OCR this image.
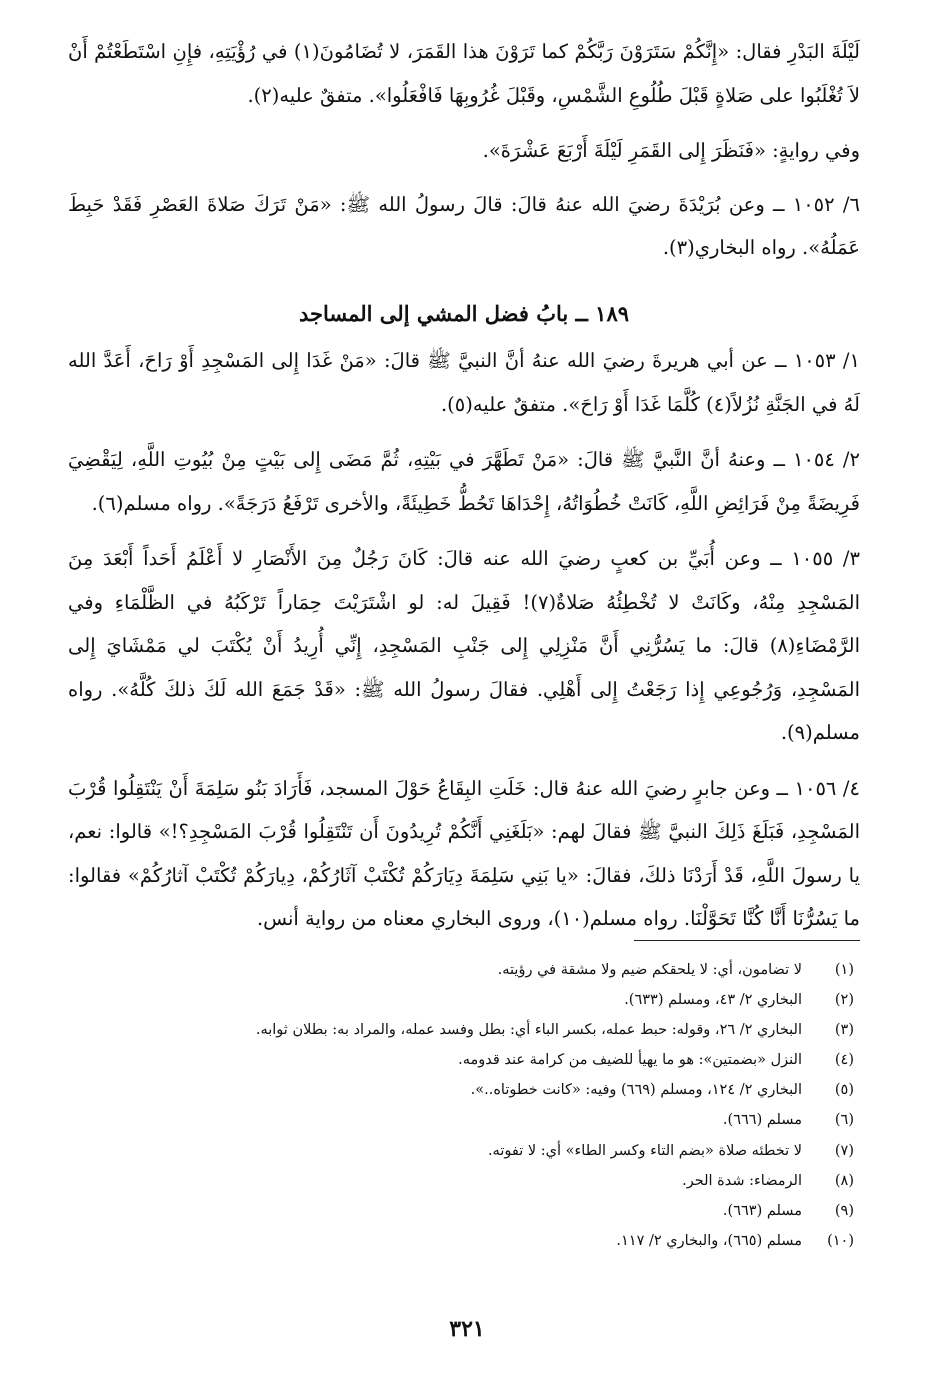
لَيْلَةَ البَدْرِ فقال: «إِنَّكُمْ سَتَرَوْنَ رَبَّكُمْ كما تَرَوْنَ هذا القَمَرَ، لا تُضَامُونَ(١) في رُؤْيَتِهِ، فإِنِ اسْتَطَعْتُمْ أَنْ لاَ تُغْلَبُوا على صَلاةٍ قَبْلَ طُلُوعِ الشَّمْسِ، وقَبْلَ غُرُوبِهَا فَافْعَلُوا». متفقٌ عليه(٢).

وفي روايةٍ: «فَنَظَرَ إِلى القَمَرِ لَيْلَةَ أَرْبَعَ عَشْرَةَ».

٦/ ١٠٥٢ ــ وعن بُرَيْدَةَ رضيَ الله عنهُ قالَ: قالَ رسولُ الله ﷺ: «مَنْ تَرَكَ صَلاةَ العَصْرِ فَقَدْ حَبِطَ عَمَلُهُ». رواه البخاري(٣).

١٨٩ ــ بابُ فضل المشي إلى المساجد

١/ ١٠٥٣ ــ عن أبي هريرةَ رضيَ الله عنهُ أنَّ النبيَّ ﷺ قالَ: «مَنْ غَدَا إِلى المَسْجِدِ أَوْ رَاحَ، أَعَدَّ الله لَهُ في الجَنَّةِ نُزُلاً(٤) كُلَّمَا غَدَا أَوْ رَاحَ». متفقٌ عليه(٥).

٢/ ١٠٥٤ ــ وعنهُ أنَّ النَّبيَّ ﷺ قالَ: «مَنْ تَطَهَّرَ في بَيْتِهِ، ثُمَّ مَضَى إِلى بَيْتٍ مِنْ بُيُوتِ اللَّهِ، لِيَقْضِيَ فَرِيضَةً مِنْ فَرَائِضِ اللَّهِ، كَانَتْ خُطُوَاتُهُ، إِحْدَاهَا تَحُطُّ خَطِيئَةً، والأخرى تَرْفَعُ دَرَجَةً». رواه مسلم(٦).

٣/ ١٠٥٥ ــ وعن أُبَيِّ بن كعبٍ رضيَ الله عنه قالَ: كَانَ رَجُلٌ مِنَ الأَنْصَارِ لا أَعْلَمُ أَحَداً أَبْعَدَ مِنَ المَسْجِدِ مِنْهُ، وكَانَتْ لا تُخْطِئُهُ صَلاةٌ(٧)! فَقِيلَ له: لو اشْتَرَيْتَ حِمَاراً تَرْكَبُهُ في الظَّلْمَاءِ وفي الرَّمْضَاءِ(٨) قالَ: ما يَسُرُّنِي أَنَّ مَنْزِلِي إِلى جَنْبِ المَسْجِدِ، إِنِّي أُرِيدُ أَنْ يُكْتَبَ لي مَمْشَايَ إِلى المَسْجِدِ، وَرُجُوعِي إِذا رَجَعْتُ إِلى أَهْلِي. فقالَ رسولُ الله ﷺ: «قَدْ جَمَعَ الله لَكَ ذلكَ كُلَّهُ». رواه مسلم(٩).

٤/ ١٠٥٦ ــ وعن جابرٍ رضيَ الله عنهُ قال: خَلَتِ البِقَاعُ حَوْلَ المسجد، فَأَرَادَ بَنُو سَلِمَةَ أَنْ يَنْتَقِلُوا قُرْبَ المَسْجِدِ، فَبَلَغَ ذَلِكَ النبيَّ ﷺ فقالَ لهم: «بَلَغَنِي أَنَّكُمْ تُرِيدُونَ أَن تَنْتَقِلُوا قُرْبَ المَسْجِدِ؟!» قالوا: نعم، يا رسولَ اللَّهِ، قَدْ أَرَدْنَا ذلكَ، فقالَ: «يا بَنِي سَلِمَةَ دِيَارَكُمْ تُكْتَبْ آثَارُكُمْ، دِيارَكُمْ تُكْتَبْ آثارُكُمْ» فقالوا: ما يَسُرُّنَا أَنَّا كُنَّا تَحَوَّلْنَا. رواه مسلم(١٠)، وروى البخاري معناه من رواية أنس.

(١)
لا تضامون، أي: لا يلحقكم ضيم ولا مشقة في رؤيته.
(٢)
البخاري ٢/ ٤٣، ومسلم (٦٣٣).
(٣)
البخاري ٢/ ٢٦، وقوله: حبط عمله، بكسر الباء أي: بطل وفسد عمله، والمراد به: بطلان ثوابه.
(٤)
النزل «بضمتين»: هو ما يهيأ للضيف من كرامة عند قدومه.
(٥)
البخاري ٢/ ١٢٤، ومسلم (٦٦٩) وفيه: «كانت خطوتاه..».
(٦)
مسلم (٦٦٦).
(٧)
لا تخطئه صلاة «بضم التاء وكسر الطاء» أي: لا تفوته.
(٨)
الرمضاء: شدة الحر.
(٩)
مسلم (٦٦٣).
(١٠)
مسلم (٦٦٥)، والبخاري ٢/ ١١٧.
٣٢١
